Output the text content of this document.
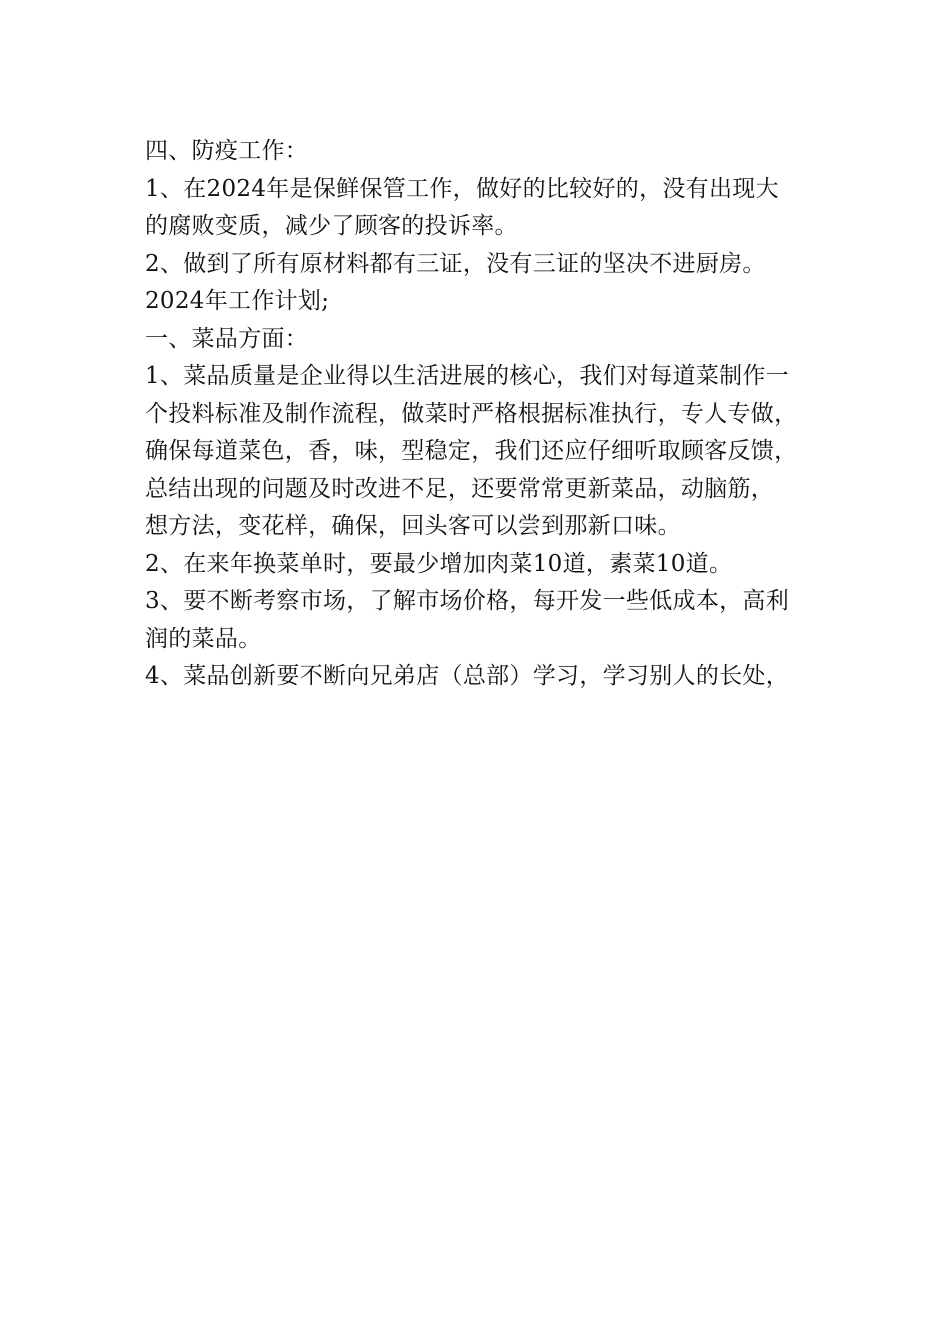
四、防疫工作：
1、在2024年是保鲜保管工作，做好的比较好的，没有出现大
的腐败变质，减少了顾客的投诉率。
2、做到了所有原材料都有三证，没有三证的坚决不进厨房。
2024年工作计划;
一、菜品方面：
1、菜品质量是企业得以生活进展的核心，我们对每道菜制作一
个投料标准及制作流程，做菜时严格根据标准执行，专人专做，
确保每道菜色，香，味，型稳定，我们还应仔细听取顾客反馈，
总结出现的问题及时改进不足，还要常常更新菜品，动脑筋，
想方法，变花样，确保，回头客可以尝到那新口味。
2、在来年换菜单时，要最少增加肉菜10道，素菜10道。
3、要不断考察市场，了解市场价格，每开发一些低成本，高利
润的菜品。
4、菜品创新要不断向兄弟店（总部）学习，学习别人的长处，
